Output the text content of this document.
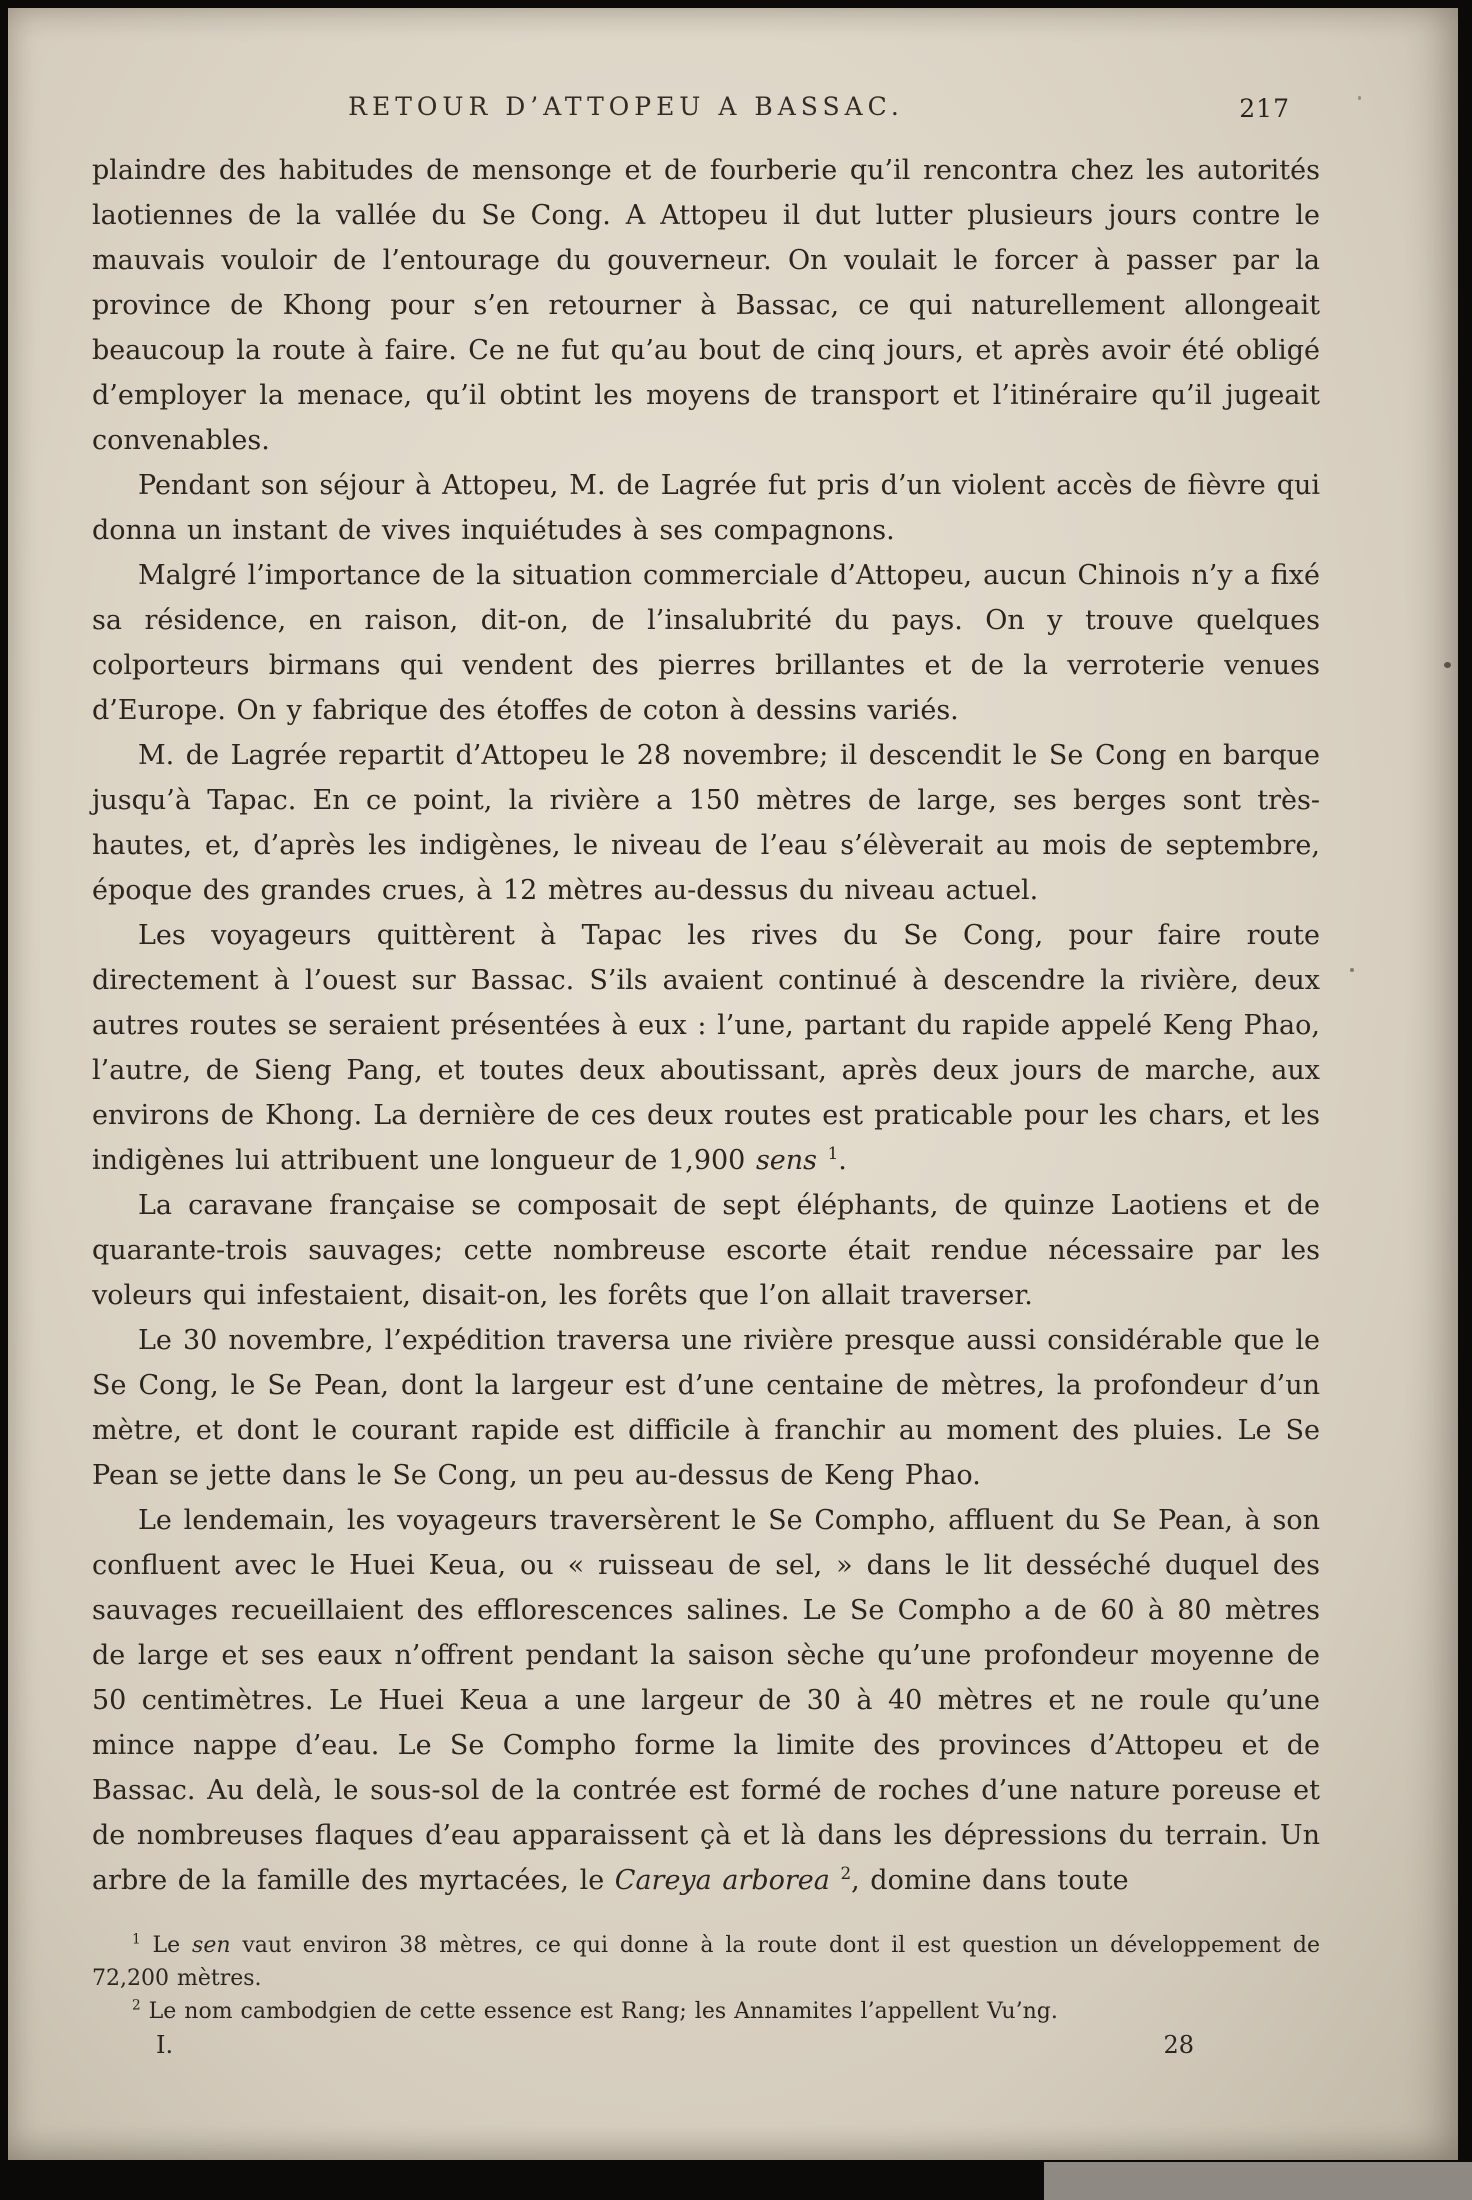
RETOUR D’ATTOPEU A BASSAC.	217

plaindre des habitudes de mensonge et de fourberie qu’il rencontra chez les autorités laotiennes de la vallée du Se Cong. A Attopeu il dut lutter plusieurs jours contre le mauvais vouloir de l’entourage du gouverneur. On voulait le forcer à passer par la province de Khong pour s’en retourner à Bassac, ce qui naturellement allongeait beaucoup la route à faire. Ce ne fut qu’au bout de cinq jours, et après avoir été obligé d’employer la menace, qu’il obtint les moyens de transport et l’itinéraire qu’il jugeait convenables.

Pendant son séjour à Attopeu, M. de Lagrée fut pris d’un violent accès de fièvre qui donna un instant de vives inquiétudes à ses compagnons.

Malgré l’importance de la situation commerciale d’Attopeu, aucun Chinois n’y a fixé sa résidence, en raison, dit-on, de l’insalubrité du pays. On y trouve quelques colporteurs birmans qui vendent des pierres brillantes et de la verroterie venues d’Europe. On y fabrique des étoffes de coton à dessins variés.

M. de Lagrée repartit d’Attopeu le 28 novembre; il descendit le Se Cong en barque jusqu’à Tapac. En ce point, la rivière a 150 mètres de large, ses berges sont très-hautes, et, d’après les indigènes, le niveau de l’eau s’élèverait au mois de septembre, époque des grandes crues, à 12 mètres au-dessus du niveau actuel.

Les voyageurs quittèrent à Tapac les rives du Se Cong, pour faire route directement à l’ouest sur Bassac. S’ils avaient continué à descendre la rivière, deux autres routes se seraient présentées à eux : l’une, partant du rapide appelé Keng Phao, l’autre, de Sieng Pang, et toutes deux aboutissant, après deux jours de marche, aux environs de Khong. La dernière de ces deux routes est praticable pour les chars, et les indigènes lui attribuent une longueur de 1,900 sens $^1$.

La caravane française se composait de sept éléphants, de quinze Laotiens et de quarante-trois sauvages; cette nombreuse escorte était rendue nécessaire par les voleurs qui infestaient, disait-on, les forêts que l’on allait traverser.

Le 30 novembre, l’expédition traversa une rivière presque aussi considérable que le Se Cong, le Se Pean, dont la largeur est d’une centaine de mètres, la profondeur d’un mètre, et dont le courant rapide est difficile à franchir au moment des pluies. Le Se Pean se jette dans le Se Cong, un peu au-dessus de Keng Phao.

Le lendemain, les voyageurs traversèrent le Se Compho, affluent du Se Pean, à son confluent avec le Huei Keua, ou « ruisseau de sel, » dans le lit desséché duquel des sauvages recueillaient des efflorescences salines. Le Se Compho a de 60 à 80 mètres de large et ses eaux n’offrent pendant la saison sèche qu’une profondeur moyenne de 50 centimètres. Le Huei Keua a une largeur de 30 à 40 mètres et ne roule qu’une mince nappe d’eau. Le Se Compho forme la limite des provinces d’Attopeu et de Bassac. Au delà, le sous-sol de la contrée est formé de roches d’une nature poreuse et de nombreuses flaques d’eau apparaissent çà et là dans les dépressions du terrain. Un arbre de la famille des myrtacées, le Careya arborea $^2$, domine dans toute

$^1$ Le sen vaut environ 38 mètres, ce qui donne à la route dont il est question un développement de 72,200 mètres.

$^2$ Le nom cambodgien de cette essence est Rang; les Annamites l’appellent Vu’ng.

I.	28
